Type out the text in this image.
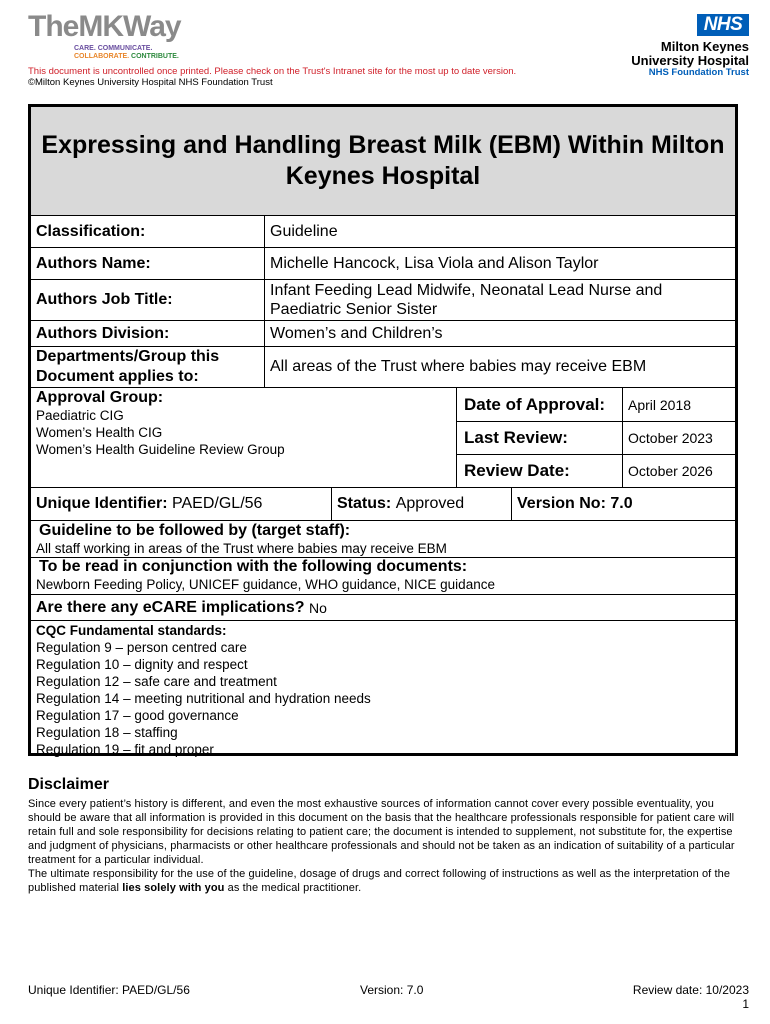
TheMKWay
CARE. COMMUNICATE.
COLLABORATE. CONTRIBUTE.
This document is uncontrolled once printed. Please check on the Trust's Intranet site for the most up to date version.
©Milton Keynes University Hospital NHS Foundation Trust
NHS
Milton Keynes
University Hospital
NHS Foundation Trust
Expressing and Handling Breast Milk (EBM) Within Milton Keynes Hospital
Classification:	Guideline
Authors Name:	Michelle Hancock, Lisa Viola and Alison Taylor
Authors Job Title:
Infant Feeding Lead Midwife, Neonatal Lead Nurse and Paediatric Senior Sister
Authors Division:	Women’s and Children’s
Departments/Group this Document applies to:
All areas of the Trust where babies may receive EBM
Approval Group:
Paediatric CIG
Women’s Health CIG
Women’s Health Guideline Review Group
Date of Approval:	April 2018
Last Review:	October 2023
Review Date:	October 2026
Unique Identifier:
PAED/GL/56	Status:
Approved	Version No:
7.0
Guideline to be followed by (target staff):
All staff working in areas of the Trust where babies may receive EBM
To be read in conjunction with the following documents:
Newborn Feeding Policy, UNICEF guidance, WHO guidance, NICE guidance
Are there any eCARE implications?
No
CQC Fundamental standards:
Regulation 9 – person centred care
Regulation 10 – dignity and respect
Regulation 12 – safe care and treatment
Regulation 14 – meeting nutritional and hydration needs
Regulation 17 – good governance
Regulation 18 – staffing
Regulation 19 – fit and proper
Disclaimer
Since every patient’s history is different, and even the most exhaustive sources of information cannot cover every possible eventuality, you should be aware that all information is provided in this document on the basis that the healthcare professionals responsible for patient care will retain full and sole responsibility for decisions relating to patient care; the document is intended to supplement, not substitute for, the expertise and judgment of physicians, pharmacists or other healthcare professionals and should not be taken as an indication of suitability of a particular treatment for a particular individual.
The ultimate responsibility for the use of the guideline, dosage of drugs and correct following of instructions as well as the interpretation of the published material lies solely with you as the medical practitioner.
Unique Identifier: PAED/GL/56	Version: 7.0	Review date: 10/2023
1
